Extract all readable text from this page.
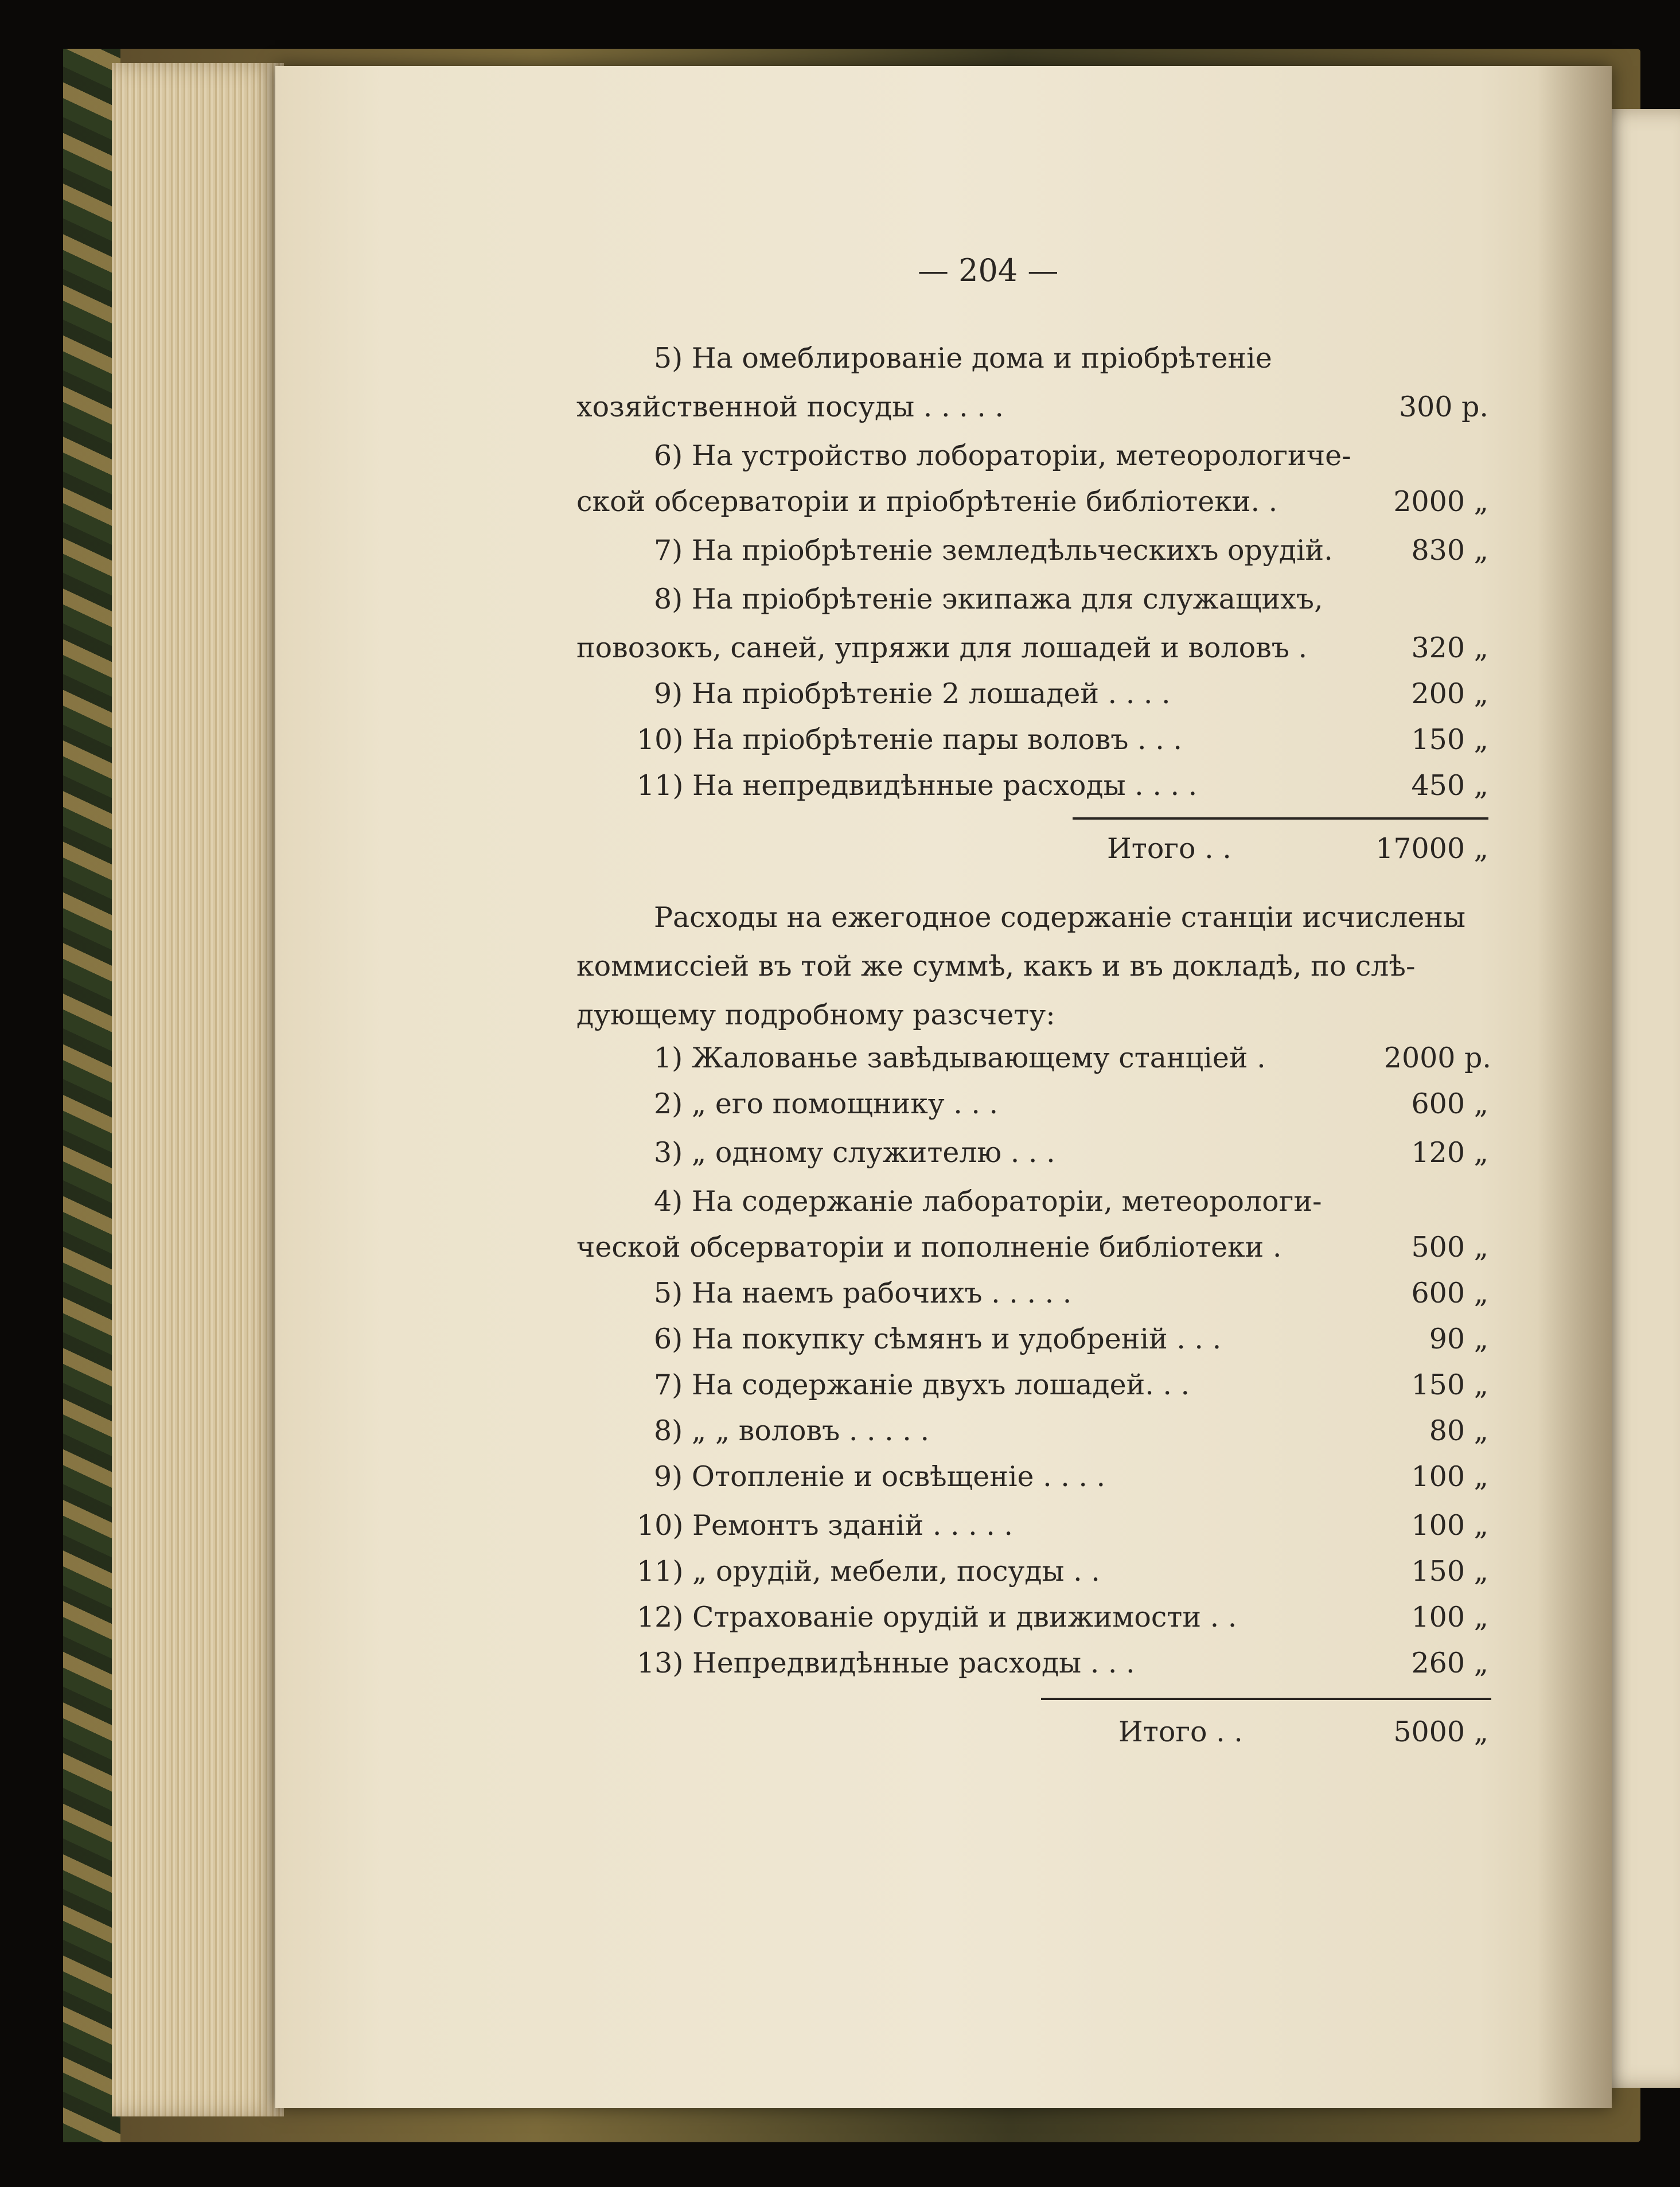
— 204 —
5) На омеблированіе дома и пріобрѣтеніе
хозяйственной посуды . . . . .	300 р.
6) На устройство лобораторіи, метеорологиче-
ской обсерваторіи и пріобрѣтеніе библіотеки. .	2000 „
7) На пріобрѣтеніе земледѣльческихъ орудій.	830 „
8) На пріобрѣтеніе экипажа для служащихъ,
повозокъ, саней, упряжи для лошадей и воловъ .	320 „
9) На пріобрѣтеніе 2 лошадей . . . .	200 „
10) На пріобрѣтеніе пары воловъ . . .	150 „
11) На непредвидѣнные расходы . . . .	450 „
Итого . .	17000 „
Расходы на ежегодное содержаніе станціи исчислены
коммиссіей въ той же суммѣ, какъ и въ докладѣ, по слѣ-
дующему подробному разсчету:
1) Жалованье завѣдывающему станціей .	2000 р.
2) „ его помощнику . . .	600 „
3) „ одному служителю . . .	120 „
4) На содержаніе лабораторіи, метеорологи-
ческой обсерваторіи и пополненіе библіотеки .	500 „
5) На наемъ рабочихъ . . . . .	600 „
6) На покупку сѣмянъ и удобреній . . .	90 „
7) На содержаніе двухъ лошадей. . .	150 „
8) „ „ воловъ . . . . .	80 „
9) Отопленіе и освѣщеніе . . . .	100 „
10) Ремонтъ зданій . . . . .	100 „
11) „ орудій, мебели, посуды . .	150 „
12) Страхованіе орудій и движимости . .	100 „
13) Непредвидѣнные расходы . . .	260 „
Итого . .	5000 „
